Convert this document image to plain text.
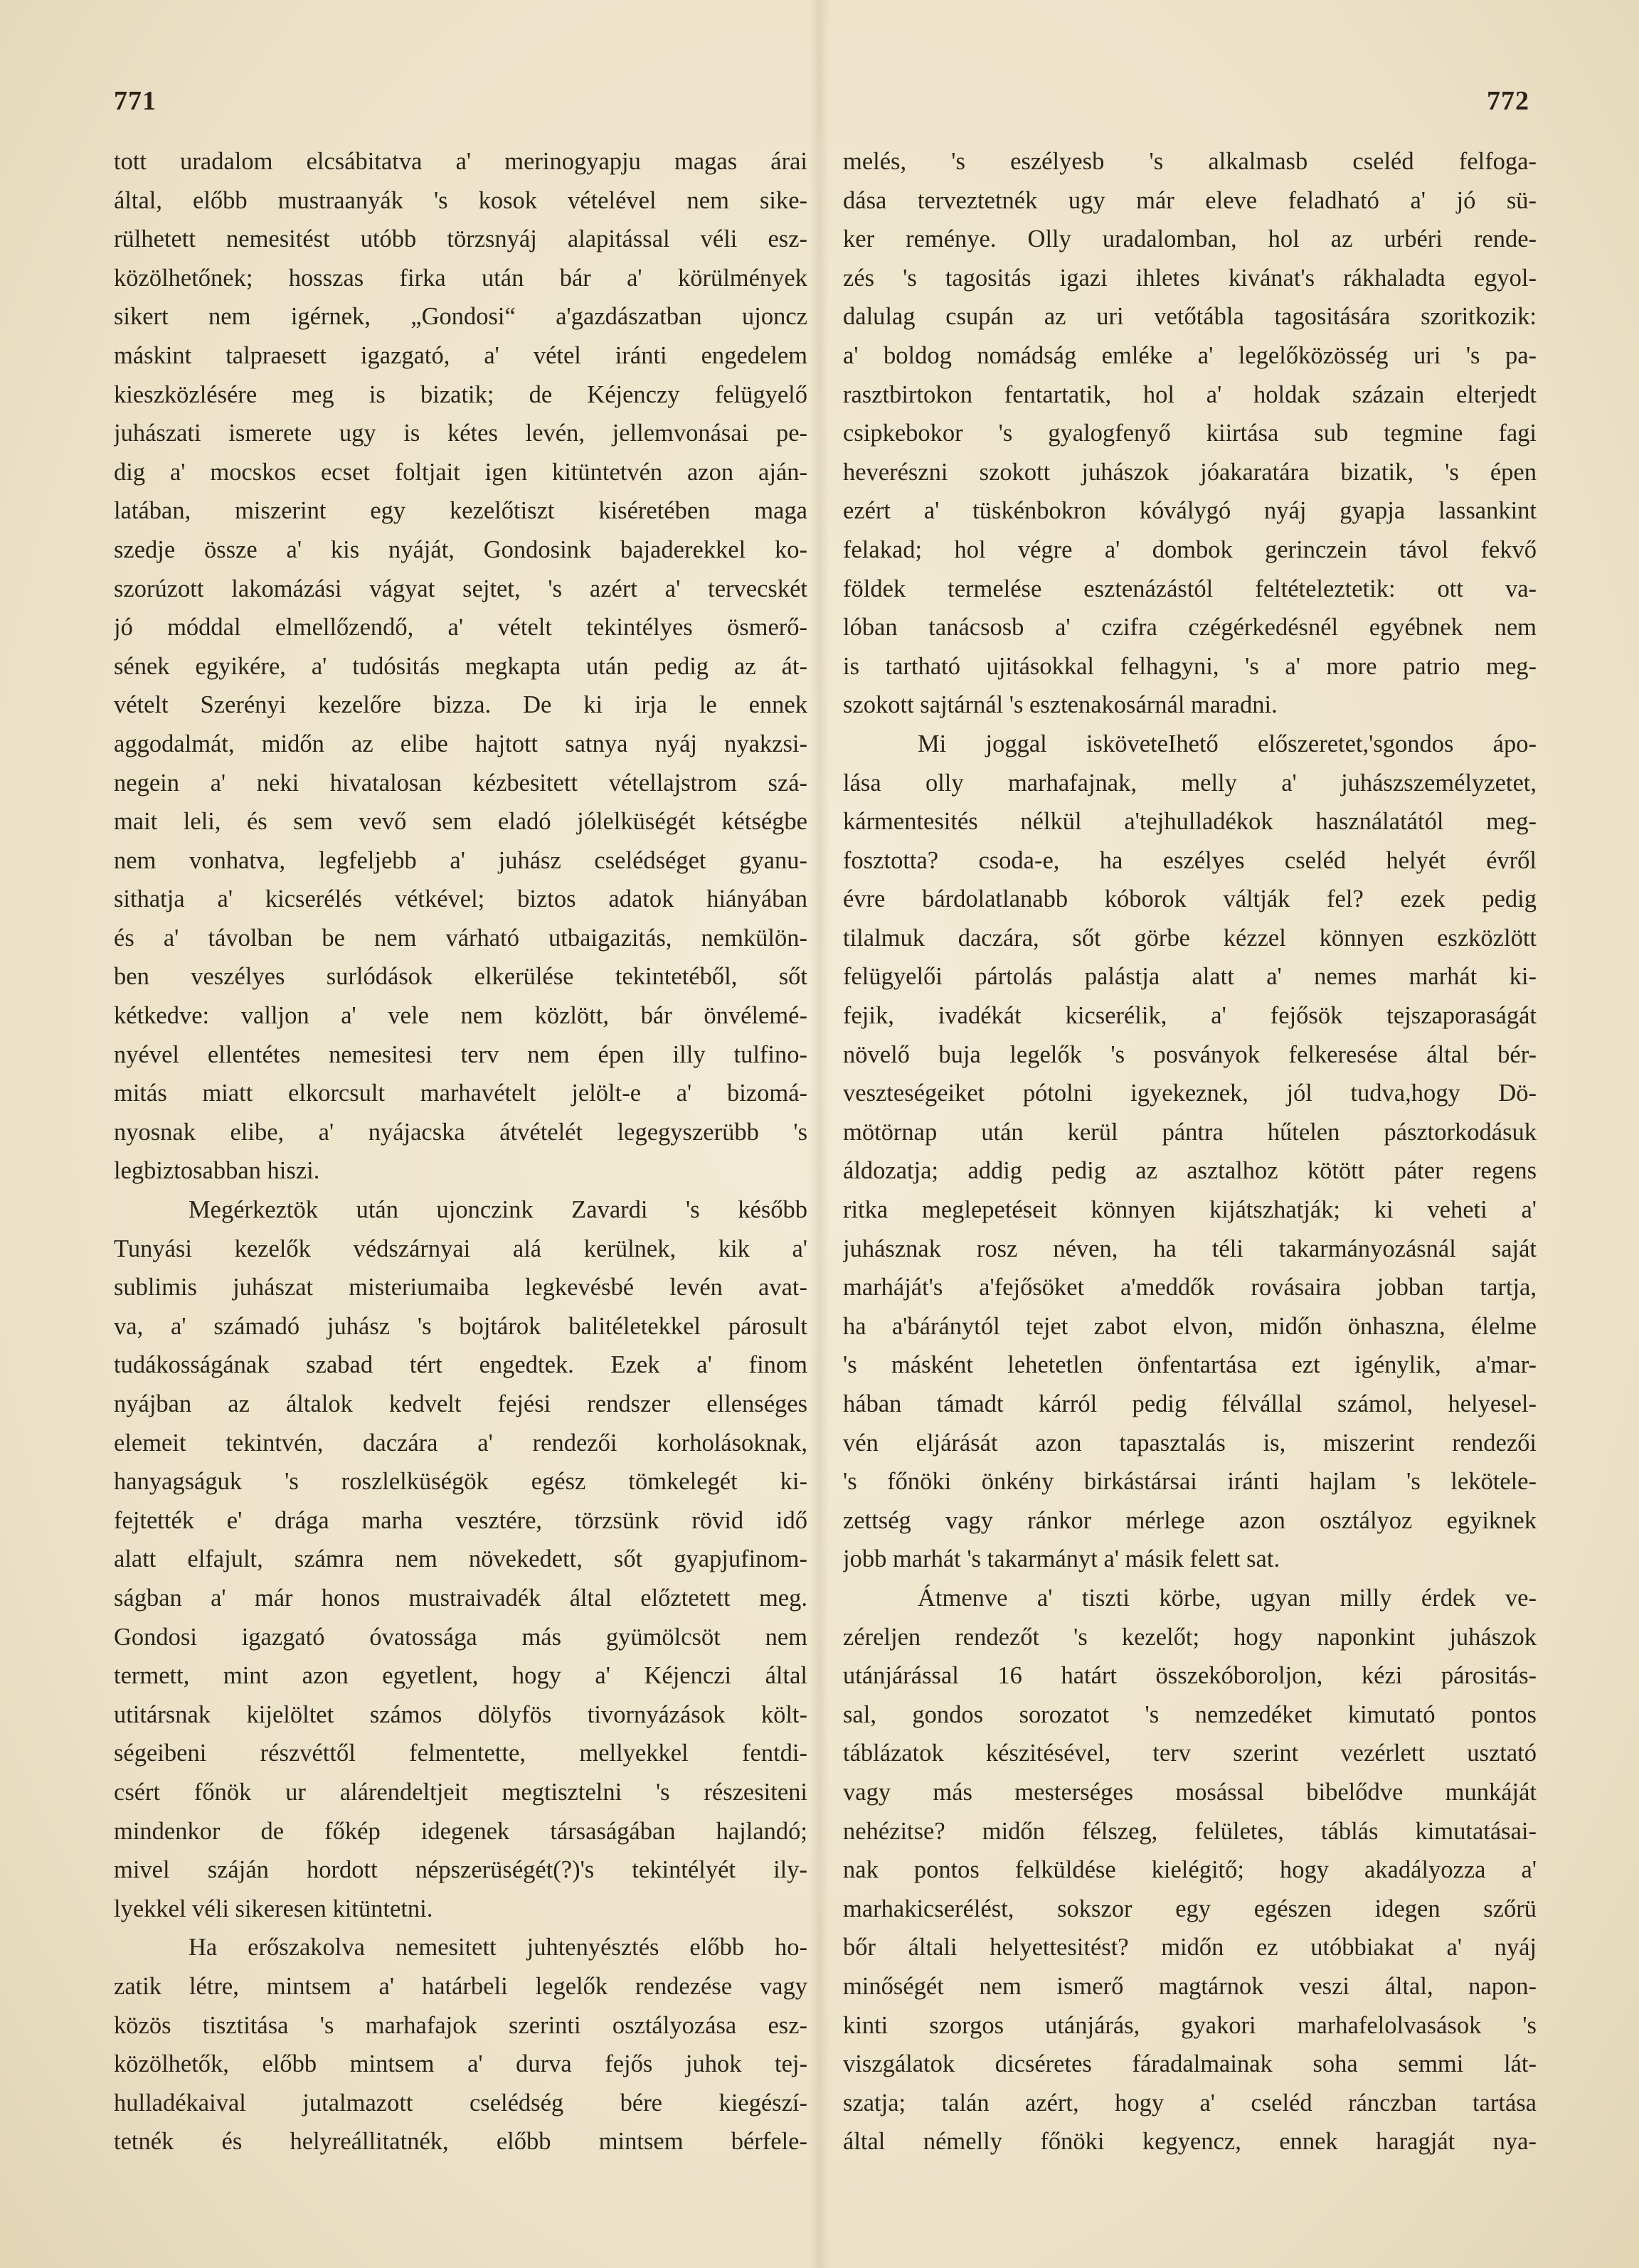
771	772
tott uradalom elcsábitatva a' merinogyapju magas árai
által, előbb mustraanyák 's kosok vételével nem sike-
rülhetett nemesitést utóbb törzsnyáj alapitással véli esz-
közölhetőnek; hosszas firka után bár a' körülmények
sikert nem igérnek, „Gondosi“ a'gazdászatban ujoncz
máskint talpraesett igazgató, a' vétel iránti engedelem
kieszközlésére meg is bizatik; de Kéjenczy felügyelő
juhászati ismerete ugy is kétes levén, jellemvonásai pe-
dig a' mocskos ecset foltjait igen kitüntetvén azon aján-
latában, miszerint egy kezelőtiszt kiséretében maga
szedje össze a' kis nyáját, Gondosink bajaderekkel ko-
szorúzott lakomázási vágyat sejtet, 's azért a' tervecskét
jó móddal elmellőzendő, a' vételt tekintélyes ösmerő-
sének egyikére, a' tudósitás megkapta után pedig az át-
vételt Szerényi kezelőre bizza. De ki irja le ennek
aggodalmát, midőn az elibe hajtott satnya nyáj nyakzsi-
negein a' neki hivatalosan kézbesitett vétellajstrom szá-
mait leli, és sem vevő sem eladó jólelküségét kétségbe
nem vonhatva, legfeljebb a' juhász cselédséget gyanu-
sithatja a' kicserélés vétkével; biztos adatok hiányában
és a' távolban be nem várható utbaigazitás, nemkülön-
ben veszélyes surlódások elkerülése tekintetéből, sőt
kétkedve: valljon a' vele nem közlött, bár önvélemé-
nyével ellentétes nemesitesi terv nem épen illy tulfino-
mitás miatt elkorcsult marhavételt jelölt-e a' bizomá-
nyosnak elibe, a' nyájacska átvételét legegyszerübb 's
legbiztosabban hiszi.
Megérkeztök után ujonczink Zavardi 's később
Tunyási kezelők védszárnyai alá kerülnek, kik a'
sublimis juhászat misteriumaiba legkevésbé levén avat-
va, a' számadó juhász 's bojtárok balitéletekkel párosult
tudákosságának szabad tért engedtek. Ezek a' finom
nyájban az általok kedvelt fejési rendszer ellenséges
elemeit tekintvén, daczára a' rendezői korholásoknak,
hanyagságuk 's roszlelküségök egész tömkelegét ki-
fejtették e' drága marha vesztére, törzsünk rövid idő
alatt elfajult, számra nem növekedett, sőt gyapjufinom-
ságban a' már honos mustraivadék által előztetett meg.
Gondosi igazgató óvatossága más gyümölcsöt nem
termett, mint azon egyetlent, hogy a' Kéjenczi által
utitársnak kijelöltet számos dölyfös tivornyázások költ-
ségeibeni részvéttől felmentette, mellyekkel fentdi-
csért főnök ur alárendeltjeit megtisztelni 's részesiteni
mindenkor de főkép idegenek társaságában hajlandó;
mivel száján hordott népszerüségét(?)'s tekintélyét ily-
lyekkel véli sikeresen kitüntetni.
Ha erőszakolva nemesitett juhtenyésztés előbb ho-
zatik létre, mintsem a' határbeli legelők rendezése vagy
közös tisztitása 's marhafajok szerinti osztályozása esz-
közölhetők, előbb mintsem a' durva fejős juhok tej-
hulladékaival jutalmazott cselédség bére kiegészí-
tetnék és helyreállitatnék, előbb mintsem bérfele-
melés, 's eszélyesb 's alkalmasb cseléd felfoga-
dása terveztetnék ugy már eleve feladható a' jó sü-
ker reménye. Olly uradalomban, hol az urbéri rende-
zés 's tagositás igazi ihletes kivánat's rákhaladta egyol-
dalulag csupán az uri vetőtábla tagositására szoritkozik:
a' boldog nomádság emléke a' legelőközösség uri 's pa-
rasztbirtokon fentartatik, hol a' holdak százain elterjedt
csipkebokor 's gyalogfenyő kiirtása sub tegmine fagi
heverészni szokott juhászok jóakaratára bizatik, 's épen
ezért a' tüskénbokron kóválygó nyáj gyapja lassankint
felakad; hol végre a' dombok gerinczein távol fekvő
földek termelése esztenázástól feltételeztetik: ott va-
lóban tanácsosb a' czifra czégérkedésnél egyébnek nem
is tartható ujitásokkal felhagyni, 's a' more patrio meg-
szokott sajtárnál 's esztenakosárnál maradni.
Mi joggal isköveteIhető előszeretet,'sgondos ápo-
lása olly marhafajnak, melly a' juhászszemélyzetet,
kármentesités nélkül a'tejhulladékok használatától meg-
fosztotta? csoda-e, ha eszélyes cseléd helyét évről
évre bárdolatlanabb kóborok váltják fel? ezek pedig
tilalmuk daczára, sőt görbe kézzel könnyen eszközlött
felügyelői pártolás palástja alatt a' nemes marhát ki-
fejik, ivadékát kicserélik, a' fejősök tejszaporaságát
növelő buja legelők 's posványok felkeresése által bér-
veszteségeiket pótolni igyekeznek, jól tudva,hogy Dö-
mötörnap után kerül pántra hűtelen pásztorkodásuk
áldozatja; addig pedig az asztalhoz kötött páter regens
ritka meglepetéseit könnyen kijátszhatják; ki veheti a'
juhásznak rosz néven, ha téli takarmányozásnál saját
marháját's a'fejősöket a'meddők rovásaira jobban tartja,
ha a'báránytól tejet zabot elvon, midőn önhaszna, élelme
's másként lehetetlen önfentartása ezt igénylik, a'mar-
hában támadt kárról pedig félvállal számol, helyesel-
vén eljárását azon tapasztalás is, miszerint rendezői
's főnöki önkény birkástársai iránti hajlam 's lekötele-
zettség vagy ránkor mérlege azon osztályoz egyiknek
jobb marhát 's takarmányt a' másik felett sat.
Átmenve a' tiszti körbe, ugyan milly érdek ve-
zéreljen rendezőt 's kezelőt; hogy naponkint juhászok
utánjárással 16 határt összekóboroljon, kézi párositás-
sal, gondos sorozatot 's nemzedéket kimutató pontos
táblázatok készitésével, terv szerint vezérlett usztató
vagy más mesterséges mosással bibelődve munkáját
nehézitse? midőn félszeg, felületes, táblás kimutatásai-
nak pontos felküldése kielégitő; hogy akadályozza a'
marhakicserélést, sokszor egy egészen idegen szőrü
bőr általi helyettesitést? midőn ez utóbbiakat a' nyáj
minőségét nem ismerő magtárnok veszi által, napon-
kinti szorgos utánjárás, gyakori marhafelolvasások 's
viszgálatok dicséretes fáradalmainak soha semmi lát-
szatja; talán azért, hogy a' cseléd ránczban tartása
által némelly főnöki kegyencz, ennek haragját nya-
